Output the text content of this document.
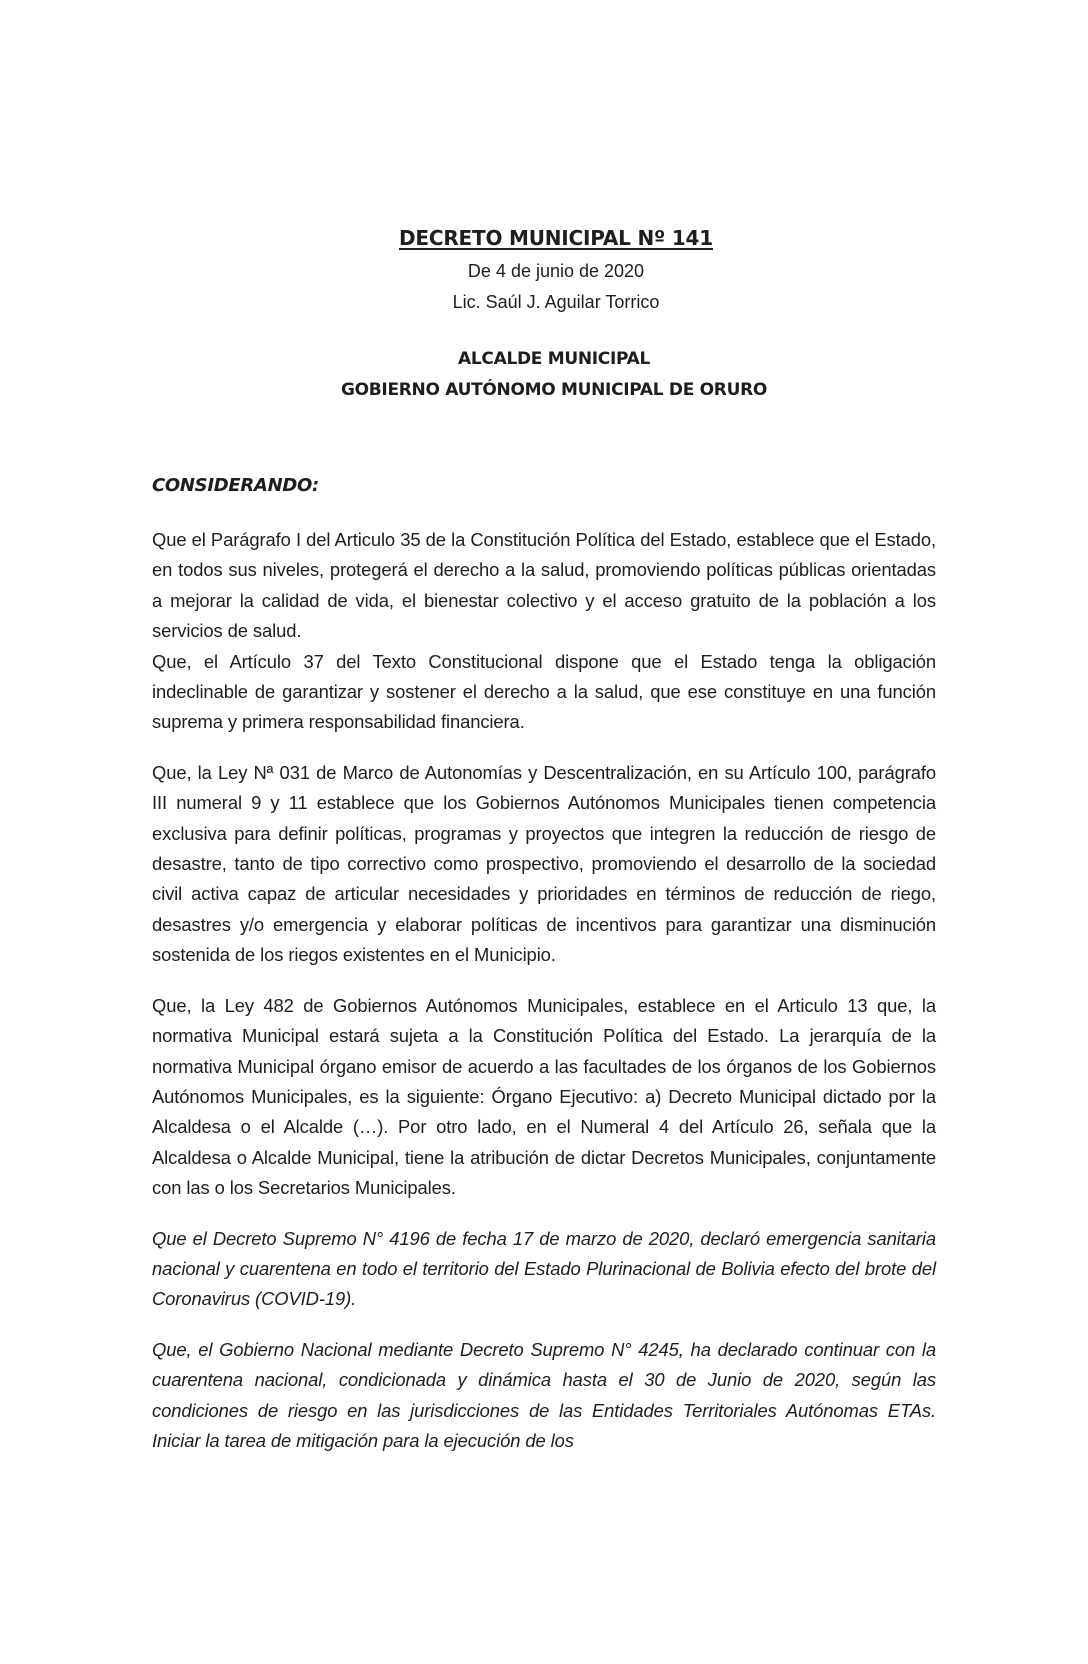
DECRETO MUNICIPAL Nº 141
De 4 de junio de 2020
Lic. Saúl J. Aguilar Torrico
ALCALDE MUNICIPAL
GOBIERNO AUTÓNOMO MUNICIPAL DE ORURO

CONSIDERANDO:

Que el Parágrafo I del Articulo 35 de la Constitución Política del Estado, establece que el Estado, en todos sus niveles, protegerá el derecho a la salud, promoviendo políticas públicas orientadas a mejorar la calidad de vida, el bienestar colectivo y el acceso gratuito de la población a los servicios de salud.

Que, el Artículo 37 del Texto Constitucional dispone que el Estado tenga la obligación indeclinable de garantizar y sostener el derecho a la salud, que ese constituye en una función suprema y primera responsabilidad financiera.

Que, la Ley Nª 031 de Marco de Autonomías y Descentralización, en su Artículo 100, parágrafo III numeral 9 y 11 establece que los Gobiernos Autónomos Municipales tienen competencia exclusiva para definir políticas, programas y proyectos que integren la reducción de riesgo de desastre, tanto de tipo correctivo como prospectivo, promoviendo el desarrollo de la sociedad civil activa capaz de articular necesidades y prioridades en términos de reducción de riego, desastres y/o emergencia y elaborar políticas de incentivos para garantizar una disminución sostenida de los riegos existentes en el Municipio.

Que, la Ley 482 de Gobiernos Autónomos Municipales, establece en el Articulo 13 que, la normativa Municipal estará sujeta a la Constitución Política del Estado. La jerarquía de la normativa Municipal órgano emisor de acuerdo a las facultades de los órganos de los Gobiernos Autónomos Municipales, es la siguiente: Órgano Ejecutivo: a) Decreto Municipal dictado por la Alcaldesa o el Alcalde (…). Por otro lado, en el Numeral 4 del Artículo 26, señala que la Alcaldesa o Alcalde Municipal, tiene la atribución de dictar Decretos Municipales, conjuntamente con las o los Secretarios Municipales.

Que el Decreto Supremo N° 4196 de fecha 17 de marzo de 2020, declaró emergencia sanitaria nacional y cuarentena en todo el territorio del Estado Plurinacional de Bolivia efecto del brote del Coronavirus (COVID-19).

Que, el Gobierno Nacional mediante Decreto Supremo N° 4245, ha declarado continuar con la cuarentena nacional, condicionada y dinámica hasta el 30 de Junio de 2020, según las condiciones de riesgo en las jurisdicciones de las Entidades Territoriales Autónomas ETAs. Iniciar la tarea de mitigación para la ejecución de los
